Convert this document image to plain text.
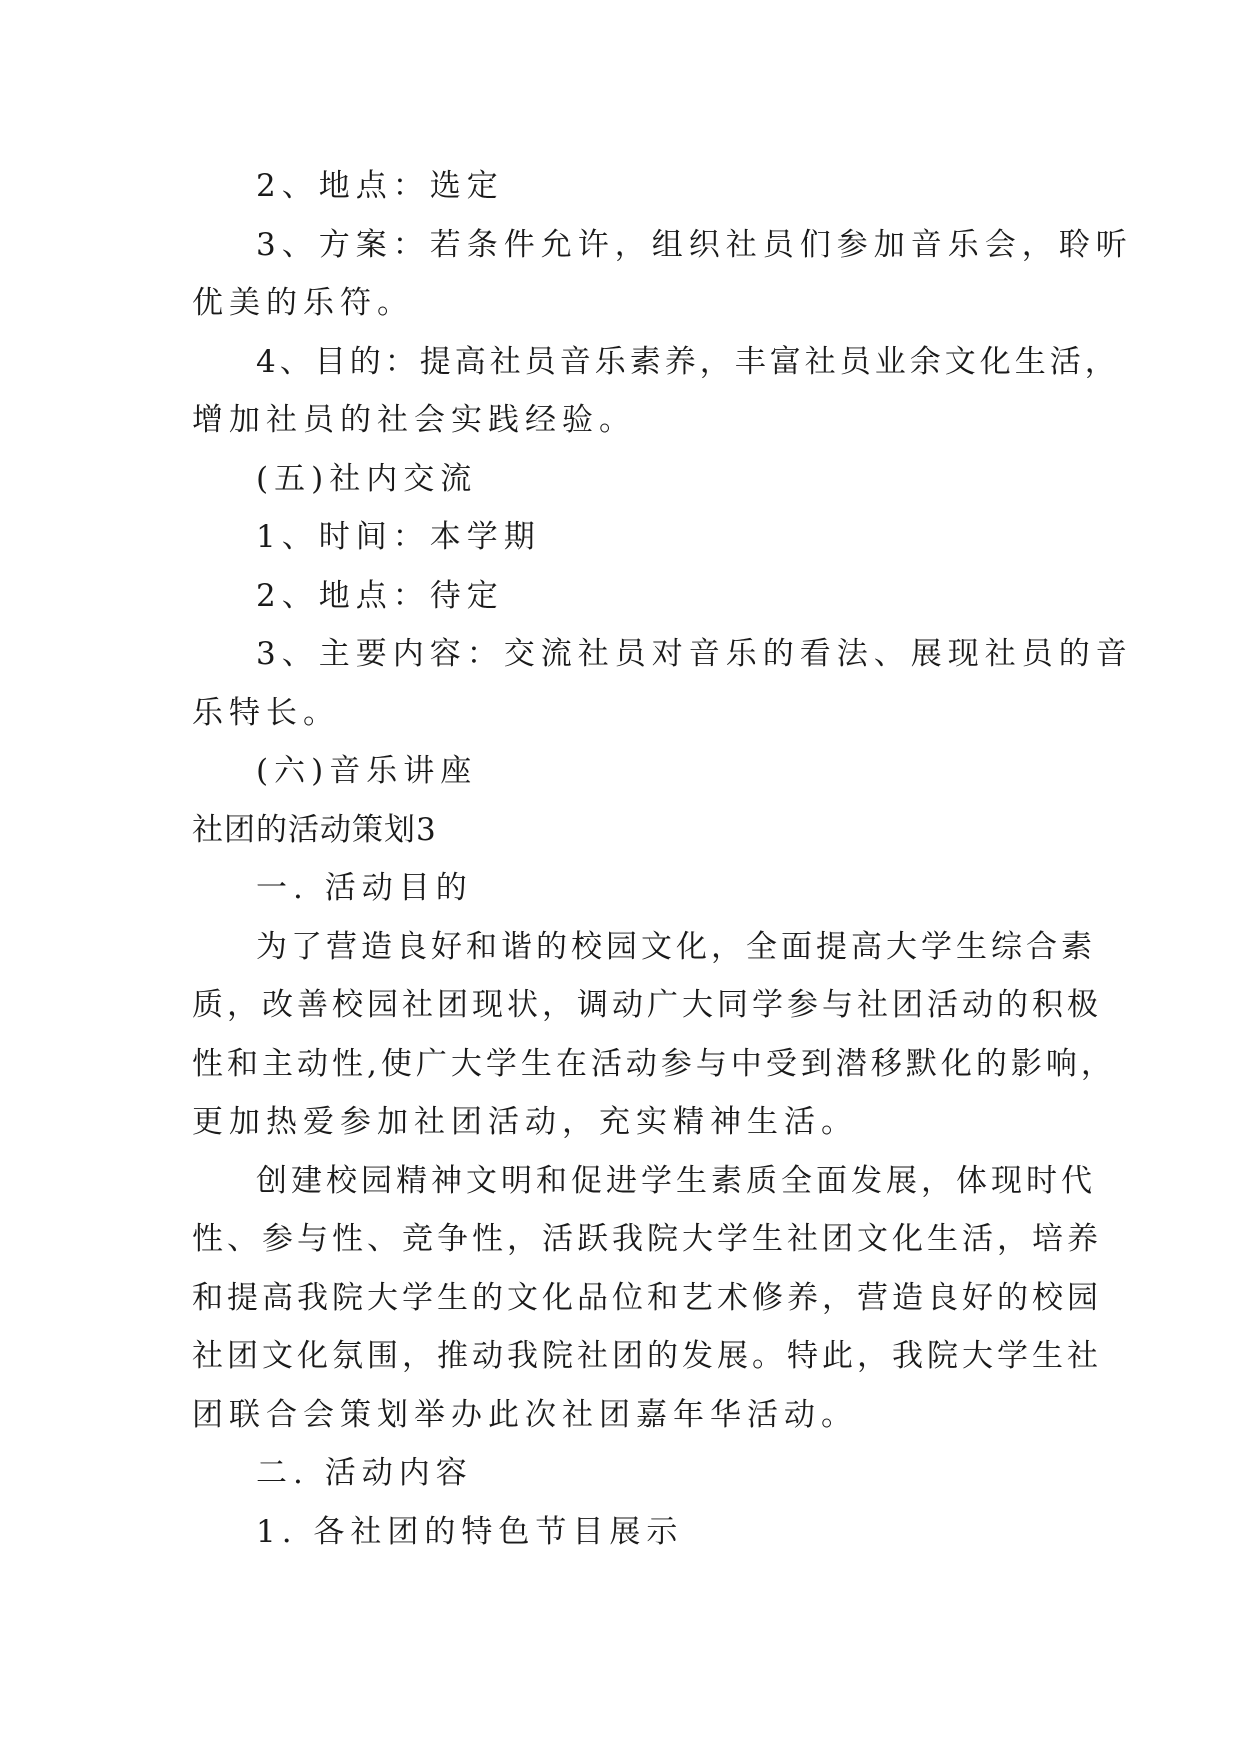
2、地点：选定
3、方案：若条件允许，组织社员们参加音乐会，聆听
优美的乐符。
4、目的：提高社员音乐素养，丰富社员业余文化生活，
增加社员的社会实践经验。
(五)社内交流
1、时间：本学期
2、地点：待定
3、主要内容：交流社员对音乐的看法、展现社员的音
乐特长。
(六)音乐讲座
社团的活动策划3
一. 活动目的
为了营造良好和谐的校园文化，全面提高大学生综合素
质，改善校园社团现状，调动广大同学参与社团活动的积极
性和主动性,使广大学生在活动参与中受到潜移默化的影响，
更加热爱参加社团活动，充实精神生活。
创建校园精神文明和促进学生素质全面发展，体现时代
性、参与性、竞争性，活跃我院大学生社团文化生活，培养
和提高我院大学生的文化品位和艺术修养，营造良好的校园
社团文化氛围，推动我院社团的发展。特此，我院大学生社
团联合会策划举办此次社团嘉年华活动。
二. 活动内容
1. 各社团的特色节目展示
